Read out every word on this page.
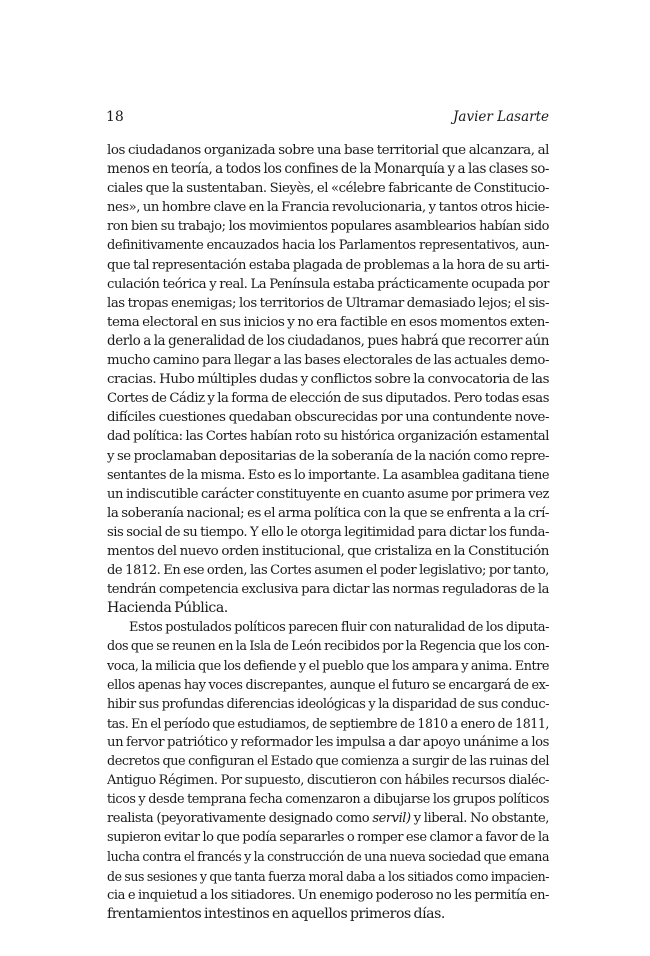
18	Javier Lasarte
los ciudadanos organizada sobre una base territorial que alcanzara, al
menos en teoría, a todos los confines de la Monarquía y a las clases so-
ciales que la sustentaban. Sieyès, el «célebre fabricante de Constitucio-
nes», un hombre clave en la Francia revolucionaria, y tantos otros hicie-
ron bien su trabajo; los movimientos populares asamblearios habían sido
definitivamente encauzados hacia los Parlamentos representativos, aun-
que tal representación estaba plagada de problemas a la hora de su arti-
culación teórica y real. La Península estaba prácticamente ocupada por
las tropas enemigas; los territorios de Ultramar demasiado lejos; el sis-
tema electoral en sus inicios y no era factible en esos momentos exten-
derlo a la generalidad de los ciudadanos, pues habrá que recorrer aún
mucho camino para llegar a las bases electorales de las actuales demo-
cracias. Hubo múltiples dudas y conflictos sobre la convocatoria de las
Cortes de Cádiz y la forma de elección de sus diputados. Pero todas esas
difíciles cuestiones quedaban obscurecidas por una contundente nove-
dad política: las Cortes habían roto su histórica organización estamental
y se proclamaban depositarias de la soberanía de la nación como repre-
sentantes de la misma. Esto es lo importante. La asamblea gaditana tiene
un indiscutible carácter constituyente en cuanto asume por primera vez
la soberanía nacional; es el arma política con la que se enfrenta a la crí-
sis social de su tiempo. Y ello le otorga legitimidad para dictar los funda-
mentos del nuevo orden institucional, que cristaliza en la Constitución
de 1812. En ese orden, las Cortes asumen el poder legislativo; por tanto,
tendrán competencia exclusiva para dictar las normas reguladoras de la
Hacienda Pública.
Estos postulados políticos parecen fluir con naturalidad de los diputa-
dos que se reunen en la Isla de León recibidos por la Regencia que los con-
voca, la milicia que los defiende y el pueblo que los ampara y anima. Entre
ellos apenas hay voces discrepantes, aunque el futuro se encargará de ex-
hibir sus profundas diferencias ideológicas y la disparidad de sus conduc-
tas. En el período que estudiamos, de septiembre de 1810 a enero de 1811,
un fervor patriótico y reformador les impulsa a dar apoyo unánime a los
decretos que configuran el Estado que comienza a surgir de las ruinas del
Antiguo Régimen. Por supuesto, discutieron con hábiles recursos dialéc-
ticos y desde temprana fecha comenzaron a dibujarse los grupos políticos
realista (peyorativamente designado como servil) y liberal. No obstante,
supieron evitar lo que podía separarles o romper ese clamor a favor de la
lucha contra el francés y la construcción de una nueva sociedad que emana
de sus sesiones y que tanta fuerza moral daba a los sitiados como impacien-
cia e inquietud a los sitiadores. Un enemigo poderoso no les permitía en-
frentamientos intestinos en aquellos primeros días.
